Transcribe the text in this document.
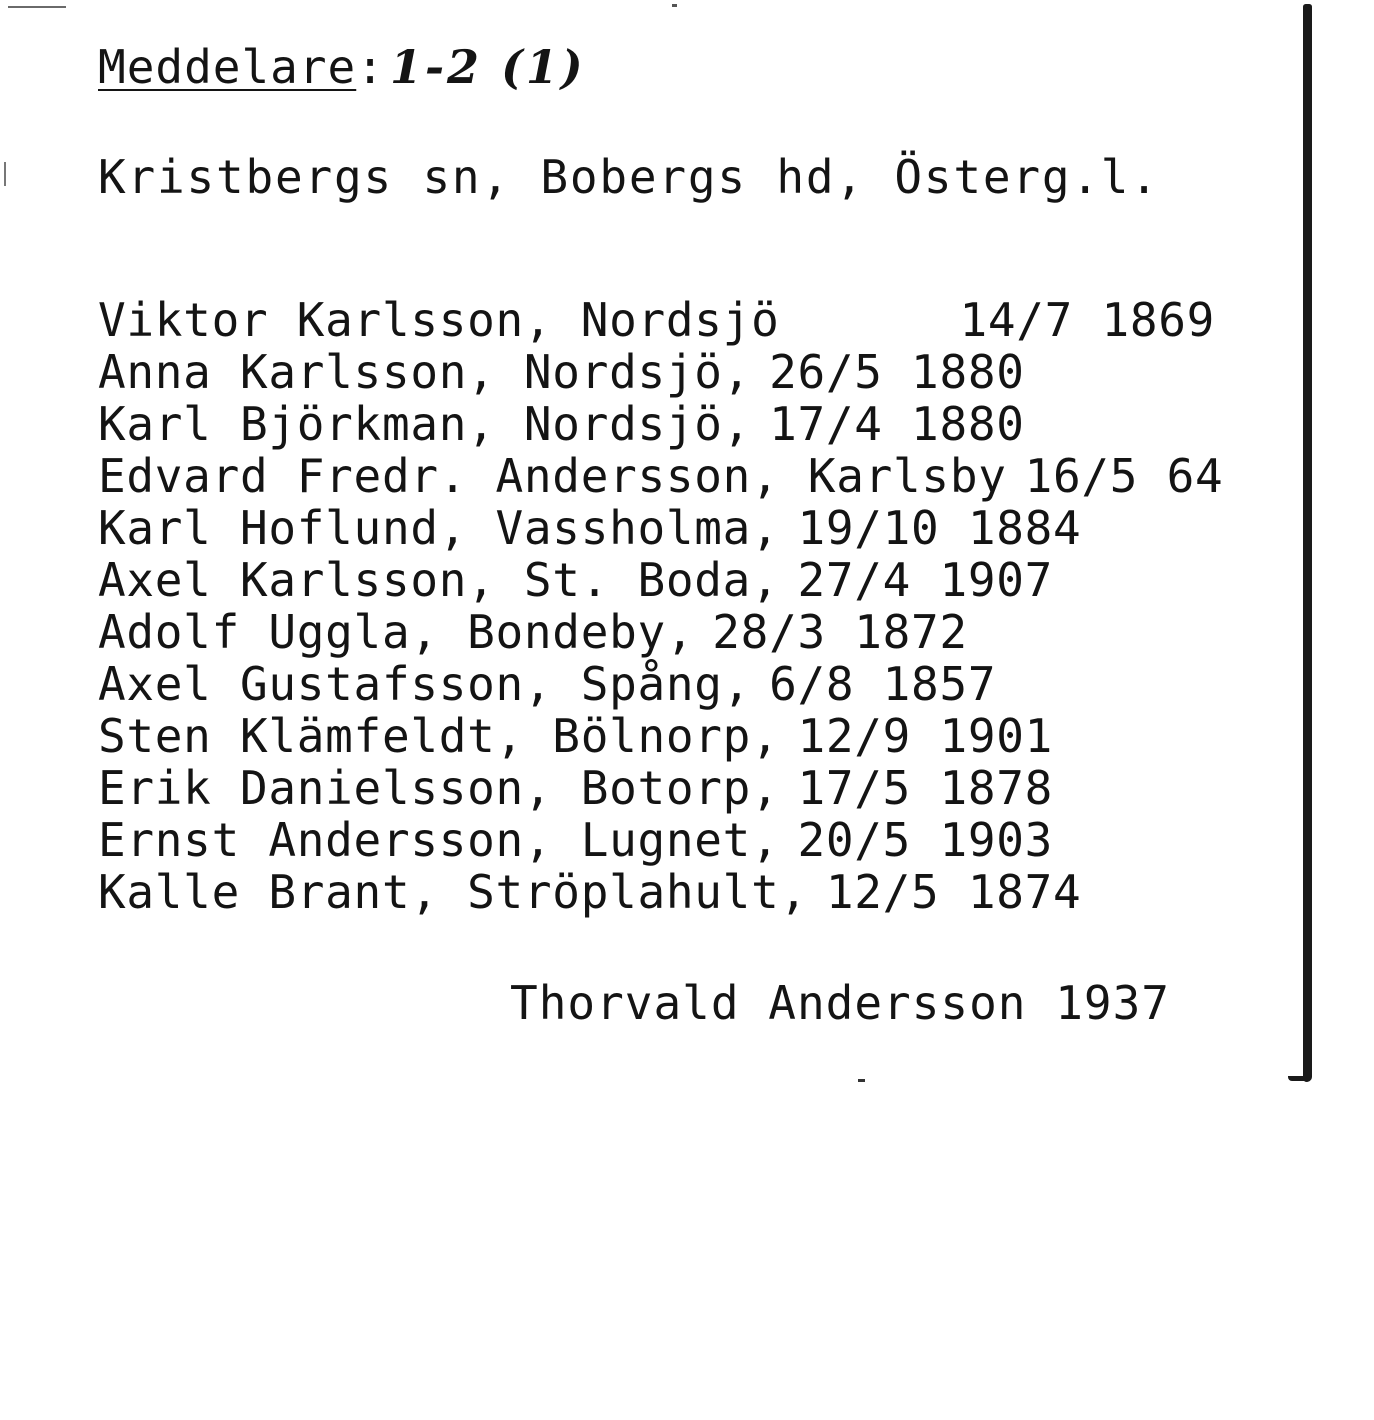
Meddelare: 1-2 (1)
Kristbergs sn, Bobergs hd, Österg.l.
Viktor Karlsson, Nordsjö	14/7 1869
Anna Karlsson, Nordsjö, 26/5 1880
Karl Björkman, Nordsjö, 17/4 1880
Edvard Fredr. Andersson, Karlsby 16/5 64
Karl Hoflund, Vassholma, 19/10 1884
Axel Karlsson, St. Boda, 27/4 1907
Adolf Uggla, Bondeby, 28/3 1872
Axel Gustafsson, Spång, 6/8 1857
Sten Klämfeldt, Bölnorp, 12/9 1901
Erik Danielsson, Botorp, 17/5 1878
Ernst Andersson, Lugnet, 20/5 1903
Kalle Brant, Ströplahult, 12/5 1874
Thorvald Andersson 1937
